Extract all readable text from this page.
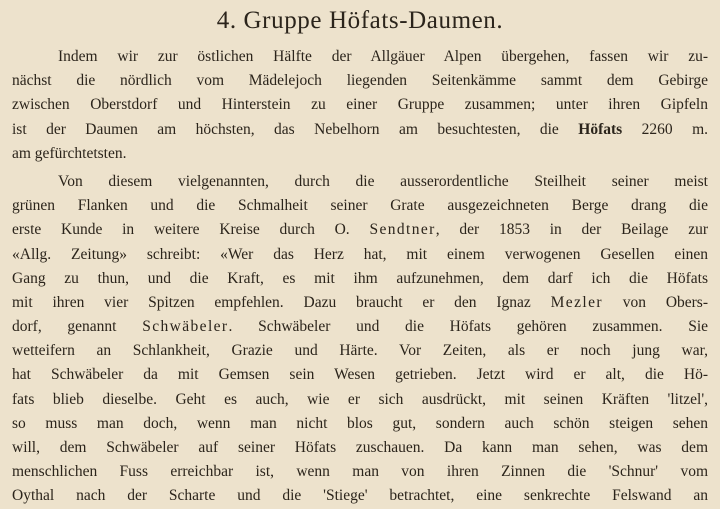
4. Gruppe Höfats-Daumen.
Indem wir zur östlichen Hälfte der Allgäuer Alpen übergehen, fassen wir zu-
nächst die nördlich vom Mädelejoch liegenden Seitenkämme sammt dem Gebirge
zwischen Oberstdorf und Hinterstein zu einer Gruppe zusammen; unter ihren Gipfeln
ist der Daumen am höchsten, das Nebelhorn am besuchtesten, die Höfats 2260 m.
am gefürchtetsten.
Von diesem vielgenannten, durch die ausserordentliche Steilheit seiner meist
grünen Flanken und die Schmalheit seiner Grate ausgezeichneten Berge drang die
erste Kunde in weitere Kreise durch O. Sendtner, der 1853 in der Beilage zur
«Allg. Zeitung» schreibt: «Wer das Herz hat, mit einem verwogenen Gesellen einen
Gang zu thun, und die Kraft, es mit ihm aufzunehmen, dem darf ich die Höfats
mit ihren vier Spitzen empfehlen. Dazu braucht er den Ignaz Mezler von Obers-
dorf, genannt Schwäbeler. Schwäbeler und die Höfats gehören zusammen. Sie
wetteifern an Schlankheit, Grazie und Härte. Vor Zeiten, als er noch jung war,
hat Schwäbeler da mit Gemsen sein Wesen getrieben. Jetzt wird er alt, die Hö-
fats blieb dieselbe. Geht es auch, wie er sich ausdrückt, mit seinen Kräften 'litzel',
so muss man doch, wenn man nicht blos gut, sondern auch schön steigen sehen
will, dem Schwäbeler auf seiner Höfats zuschauen. Da kann man sehen, was dem
menschlichen Fuss erreichbar ist, wenn man von ihren Zinnen die 'Schnur' vom
Oythal nach der Scharte und die 'Stiege' betrachtet, eine senkrechte Felswand an
